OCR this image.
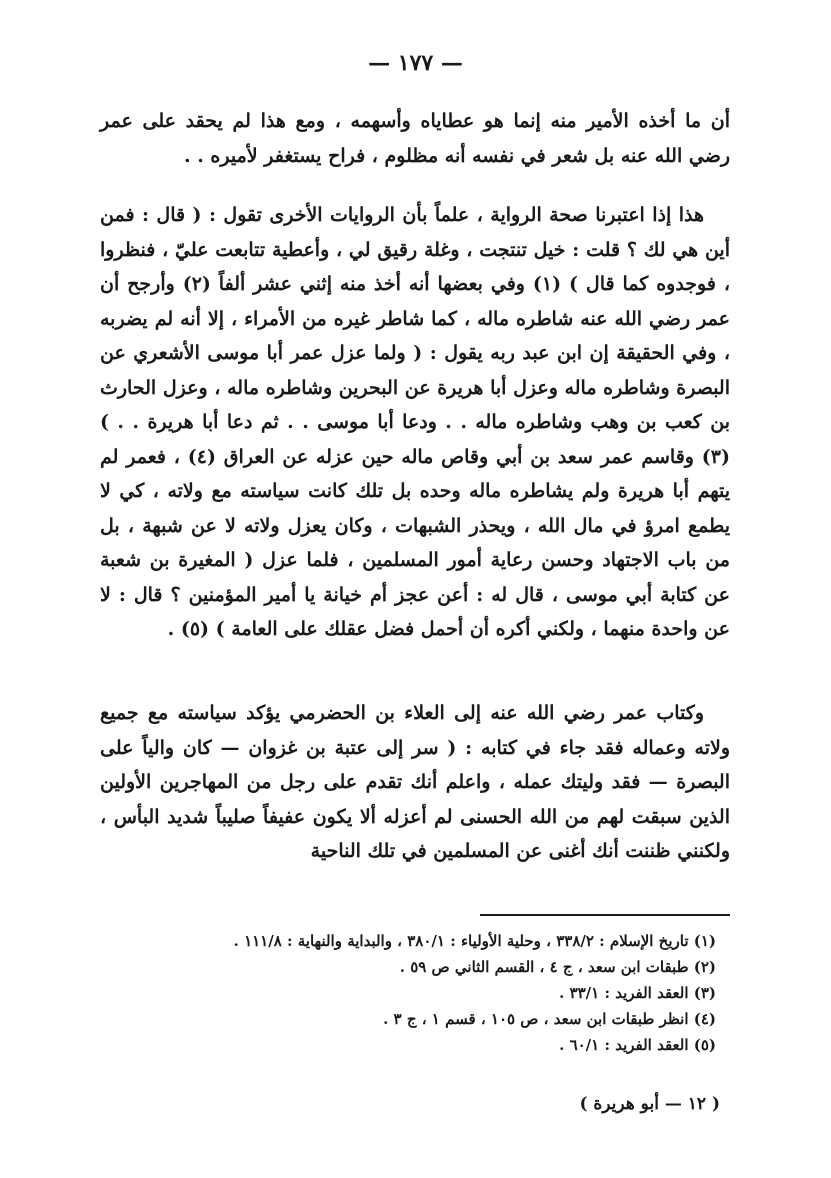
— ١٧٧ —

أن ما أخذه الأمير منه إنما هو عطاياه وأسهمه ، ومع هذا لم يحقد على عمر رضي الله عنه بل شعر في نفسه أنه مظلوم ، فراح يستغفر لأميره . .

هذا إذا اعتبرنا صحة الرواية ، علماً بأن الروايات الأخرى تقول : ( قال : فمن أين هي لك ؟ قلت : خيل تنتجت ، وغلة رقيق لي ، وأعطية تتابعت عليّ ، فنظروا ، فوجدوه كما قال ) (١) وفي بعضها أنه أخذ منه إثني عشر ألفاً (٢) وأرجح أن عمر رضي الله عنه شاطره ماله ، كما شاطر غيره من الأمراء ، إلا أنه لم يضربه ، وفي الحقيقة إن ابن عبد ربه يقول : ( ولما عزل عمر أبا موسى الأشعري عن البصرة وشاطره ماله وعزل أبا هريرة عن البحرين وشاطره ماله ، وعزل الحارث بن كعب بن وهب وشاطره ماله . . ودعا أبا موسى . . ثم دعا أبا هريرة . . ) (٣) وقاسم عمر سعد بن أبي وقاص ماله حين عزله عن العراق (٤) ، فعمر لم يتهم أبا هريرة ولم يشاطره ماله وحده بل تلك كانت سياسته مع ولاته ، كي لا يطمع امرؤ في مال الله ، ويحذر الشبهات ، وكان يعزل ولاته لا عن شبهة ، بل من باب الاجتهاد وحسن رعاية أمور المسلمين ، فلما عزل ( المغيرة بن شعبة عن كتابة أبي موسى ، قال له : أعن عجز أم خيانة يا أمير المؤمنين ؟ قال : لا عن واحدة منهما ، ولكني أكره أن أحمل فضل عقلك على العامة ) (٥) .

وكتاب عمر رضي الله عنه إلى العلاء بن الحضرمي يؤكد سياسته مع جميع ولاته وعماله فقد جاء في كتابه : ( سر إلى عتبة بن غزوان — كان والياً على البصرة — فقد وليتك عمله ، واعلم أنك تقدم على رجل من المهاجرين الأولين الذين سبقت لهم من الله الحسنى لم أعزله ألا يكون عفيفاً صليباً شديد البأس ، ولكنني ظننت أنك أغنى عن المسلمين في تلك الناحية

(١) تاريخ الإسلام : ٣٣٨/٢ ، وحلية الأولياء : ٣٨٠/١ ، والبداية والنهاية : ١١١/٨ .

(٢) طبقات ابن سعد ، ج ٤ ، القسم الثاني ص ٥٩ .

(٣) العقد الفريد : ٣٣/١ .

(٤) انظر طبقات ابن سعد ، ص ١٠٥ ، قسم ١ ، ج ٣ .

(٥) العقد الفريد : ٦٠/١ .

( ١٢ — أبو هريرة )
